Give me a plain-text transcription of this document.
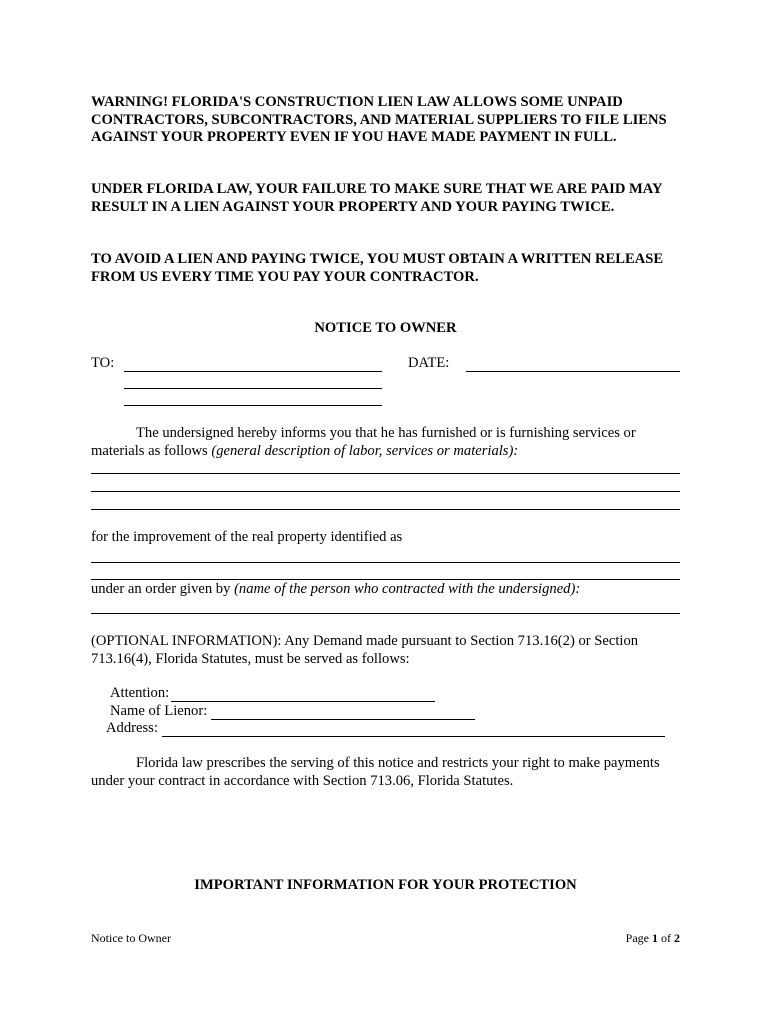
WARNING! FLORIDA'S CONSTRUCTION LIEN LAW ALLOWS SOME UNPAID CONTRACTORS, SUBCONTRACTORS, AND MATERIAL SUPPLIERS TO FILE LIENS AGAINST YOUR PROPERTY EVEN IF YOU HAVE MADE PAYMENT IN FULL.
UNDER FLORIDA LAW, YOUR FAILURE TO MAKE SURE THAT WE ARE PAID MAY RESULT IN A LIEN AGAINST YOUR PROPERTY AND YOUR PAYING TWICE.
TO AVOID A LIEN AND PAYING TWICE, YOU MUST OBTAIN A WRITTEN RELEASE FROM US EVERY TIME YOU PAY YOUR CONTRACTOR.
NOTICE TO OWNER
TO:	DATE:
The undersigned hereby informs you that he has furnished or is furnishing services or materials as follows (general description of labor, services or materials):
for the improvement of the real property identified as
under an order given by (name of the person who contracted with the undersigned):
(OPTIONAL INFORMATION): Any Demand made pursuant to Section 713.16(2) or Section 713.16(4), Florida Statutes, must be served as follows:
Attention:
Name of Lienor:
Address:
Florida law prescribes the serving of this notice and restricts your right to make payments under your contract in accordance with Section 713.06, Florida Statutes.
IMPORTANT INFORMATION FOR YOUR PROTECTION
Notice to Owner	Page 1 of 2
